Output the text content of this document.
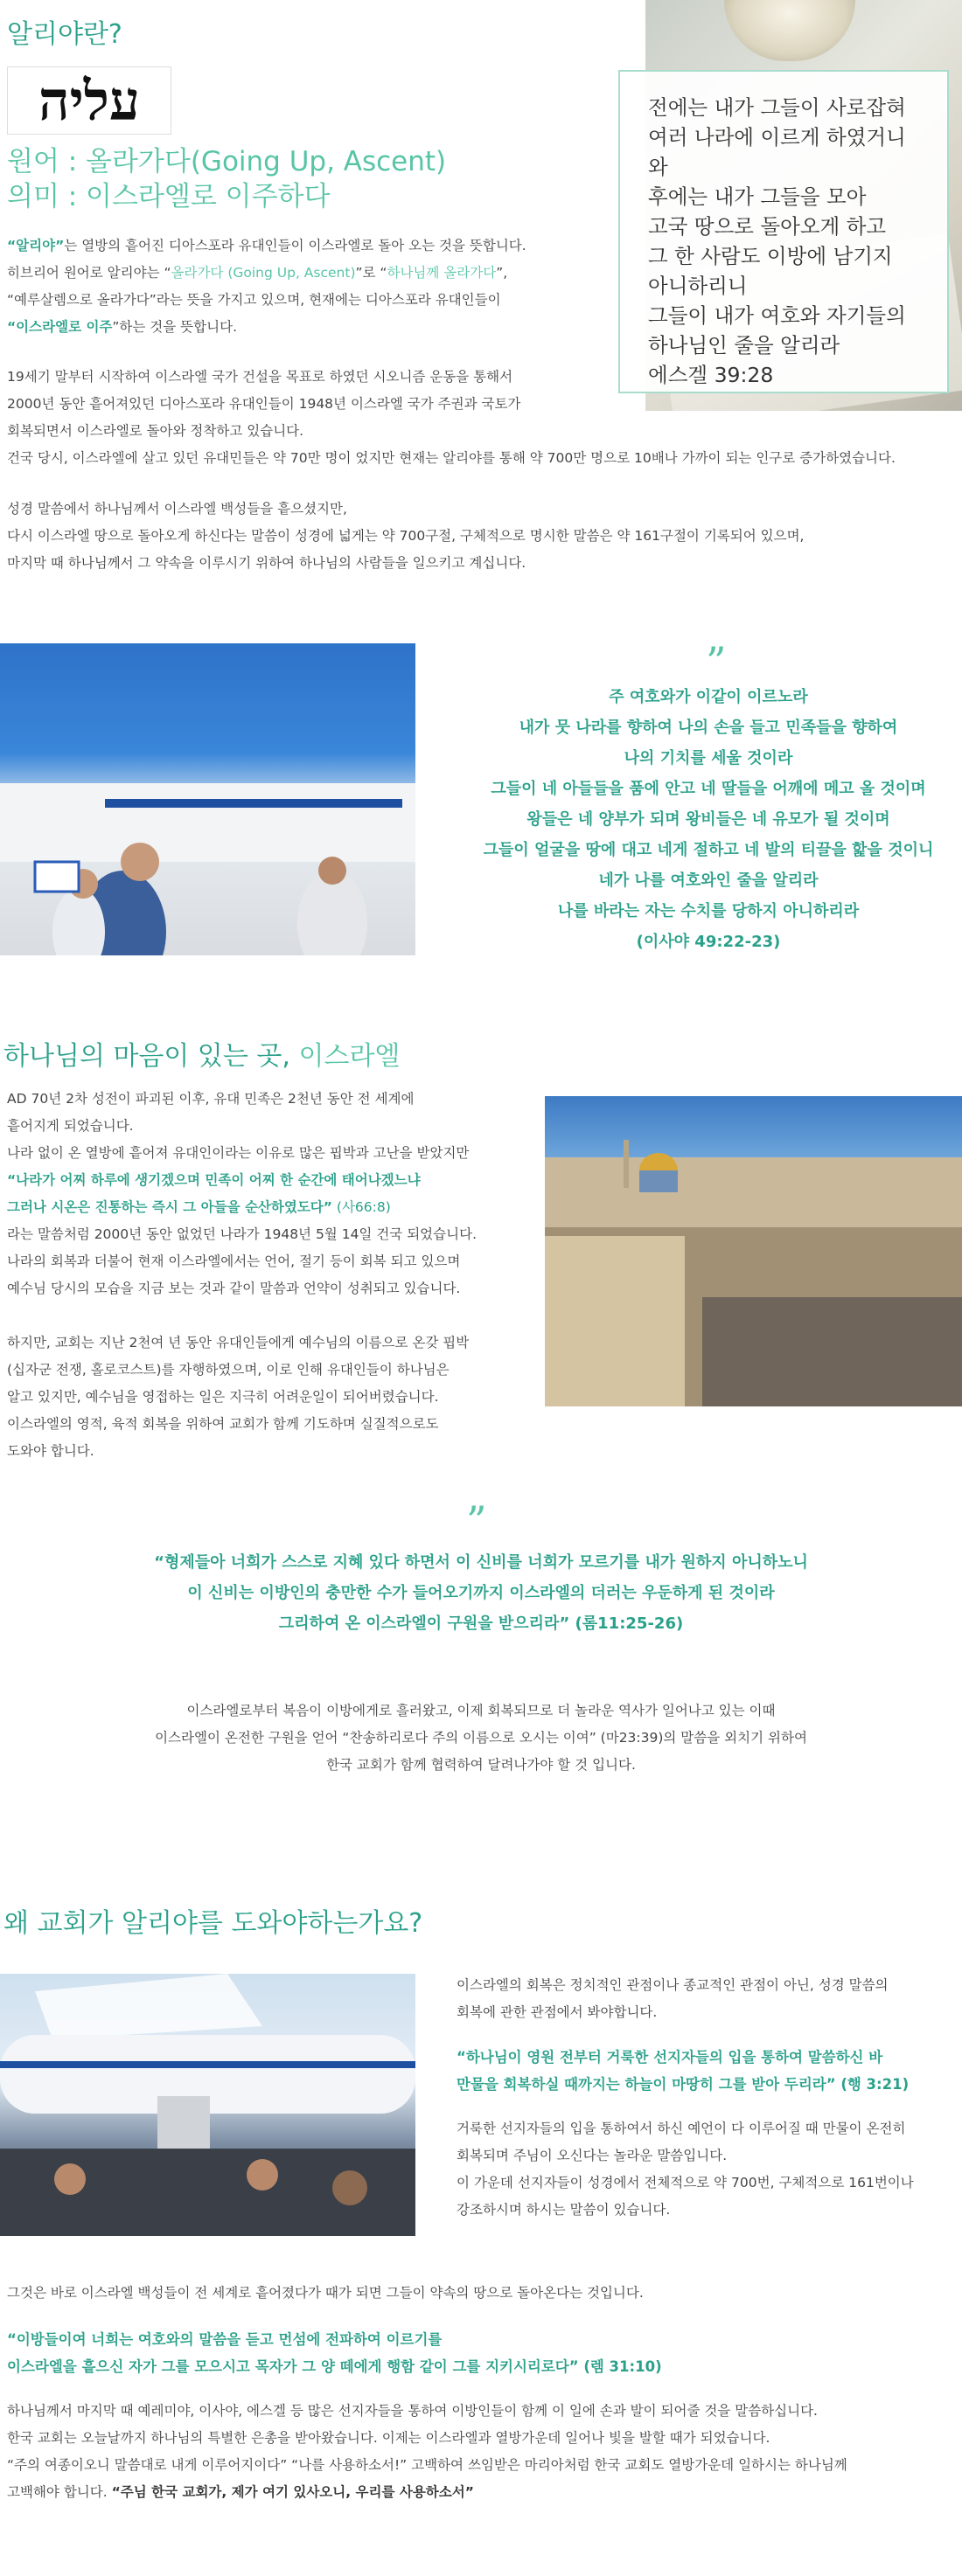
알리야란?
עליה
원어 : 올라가다(Going Up, Ascent)
의미 : 이스라엘로 이주하다
“알리야”는 열방의 흩어진 디아스포라 유대인들이 이스라엘로 돌아 오는 것을 뜻합니다.
히브리어 원어로 알리야는 “올라가다 (Going Up, Ascent)”로 “하나님께 올라가다”,
“예루살렘으로 올라가다”라는 뜻을 가지고 있으며, 현재에는 디아스포라 유대인들이
“이스라엘로 이주”하는 것을 뜻합니다.
19세기 말부터 시작하여 이스라엘 국가 건설을 목표로 하였던 시오니즘 운동을 통해서
2000년 동안 흩어져있던 디아스포라 유대인들이 1948년 이스라엘 국가 주권과 국토가
회복되면서 이스라엘로 돌아와 정착하고 있습니다.
건국 당시, 이스라엘에 살고 있던 유대민들은 약 70만 명이 었지만 현재는 알리야를 통해 약 700만 명으로 10배나 가까이 되는 인구로 증가하였습니다.
성경 말씀에서 하나님께서 이스라엘 백성들을 흩으셨지만,
다시 이스라엘 땅으로 돌아오게 하신다는 말씀이 성경에 넓게는 약 700구절, 구체적으로 명시한 말씀은 약 161구절이 기록되어 있으며,
마지막 때 하나님께서 그 약속을 이루시기 위하여 하나님의 사람들을 일으키고 계십니다.

전에는 내가 그들이 사로잡혀

여러 나라에 이르게 하였거니와

후에는 내가 그들을 모아

고국 땅으로 돌아오게 하고

그 한 사람도 이방에 남기지

아니하리니

그들이 내가 여호와 자기들의

하나님인 줄을 알리라

에스겔 39:28

”

주 여호와가 이같이 이르노라

내가 뭇 나라를 향하여 나의 손을 들고 민족들을 향하여

나의 기치를 세울 것이라

그들이 네 아들들을 품에 안고 네 딸들을 어깨에 메고 올 것이며

왕들은 네 양부가 되며 왕비들은 네 유모가 될 것이며

그들이 얼굴을 땅에 대고 네게 절하고 네 발의 티끌을 핥을 것이니

네가 나를 여호와인 줄을 알리라

나를 바라는 자는 수치를 당하지 아니하리라

(이사야 49:22-23)

하나님의 마음이 있는 곳, 이스라엘
AD 70년 2차 성전이 파괴된 이후, 유대 민족은 2천년 동안 전 세계에
흩어지게 되었습니다.
나라 없이 온 열방에 흩어져 유대인이라는 이유로 많은 핍박과 고난을 받았지만
“나라가 어찌 하루에 생기겠으며 민족이 어찌 한 순간에 태어나겠느냐
그러나 시온은 진통하는 즉시 그 아들을 순산하였도다” (사66:8)
라는 말씀처럼 2000년 동안 없었던 나라가 1948년 5월 14일 건국 되었습니다.
나라의 회복과 더불어 현재 이스라엘에서는 언어, 절기 등이 회복 되고 있으며
예수님 당시의 모습을 지금 보는 것과 같이 말씀과 언약이 성취되고 있습니다.
하지만, 교회는 지난 2천여 년 동안 유대인들에게 예수님의 이름으로 온갖 핍박
(십자군 전쟁, 홀로코스트)를 자행하였으며, 이로 인해 유대인들이 하나님은
알고 있지만, 예수님을 영접하는 일은 지극히 어려운일이 되어버렸습니다.
이스라엘의 영적, 육적 회복을 위하여 교회가 함께 기도하며 실질적으로도
도와야 합니다.
”

“형제들아 너희가 스스로 지혜 있다 하면서 이 신비를 너희가 모르기를 내가 원하지 아니하노니

이 신비는 이방인의 충만한 수가 들어오기까지 이스라엘의 더러는 우둔하게 된 것이라

그리하여 온 이스라엘이 구원을 받으리라” (롬11:25-26)

이스라엘로부터 복음이 이방에게로 흘러왔고, 이제 회복되므로 더 놀라운 역사가 일어나고 있는 이때
이스라엘이 온전한 구원을 얻어 “찬송하리로다 주의 이름으로 오시는 이여” (마23:39)의 말씀을 외치기 위하여
한국 교회가 함께 협력하여 달려나가야 할 것 입니다.
왜 교회가 알리야를 도와야하는가요?
이스라엘의 회복은 정치적인 관점이나 종교적인 관점이 아닌, 성경 말씀의
회복에 관한 관점에서 봐야합니다.
“하나님이 영원 전부터 거룩한 선지자들의 입을 통하여 말씀하신 바
만물을 회복하실 때까지는 하늘이 마땅히 그를 받아 두리라” (행 3:21)
거룩한 선지자들의 입을 통하여서 하신 예언이 다 이루어질 때 만물이 온전히
회복되며 주님이 오신다는 놀라운 말씀입니다.
이 가운데 선지자들이 성경에서 전체적으로 약 700번, 구체적으로 161번이나
강조하시며 하시는 말씀이 있습니다.
그것은 바로 이스라엘 백성들이 전 세계로 흩어졌다가 때가 되면 그들이 약속의 땅으로 돌아온다는 것입니다.
“이방들이여 너희는 여호와의 말씀을 듣고 먼섬에 전파하여 이르기를
이스라엘을 흩으신 자가 그를 모으시고 목자가 그 양 떼에게 행함 같이 그를 지키시리로다” (렘 31:10)
하나님께서 마지막 때 예레미야, 이사야, 에스겔 등 많은 선지자들을 통하여 이방인들이 함께 이 일에 손과 발이 되어줄 것을 말씀하십니다.
한국 교회는 오늘날까지 하나님의 특별한 은총을 받아왔습니다. 이제는 이스라엘과 열방가운데 일어나 빛을 발할 때가 되었습니다.
“주의 여종이오니 말씀대로 내게 이루어지이다” “나를 사용하소서!” 고백하여 쓰임받은 마리아처럼 한국 교회도 열방가운데 일하시는 하나님께
고백해야 합니다. “주님 한국 교회가, 제가 여기 있사오니, 우리를 사용하소서”
